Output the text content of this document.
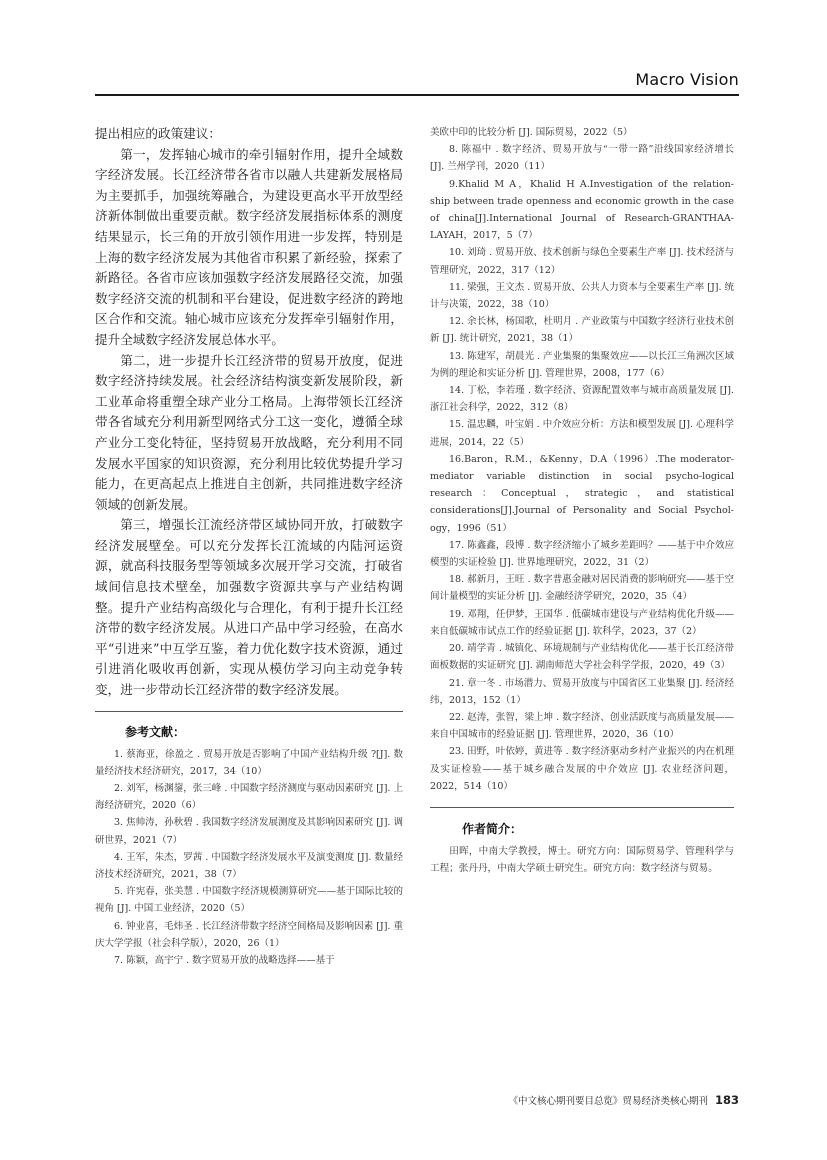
Macro Vision

提出相应的政策建议：

第一，发挥轴心城市的牵引辐射作用，提升全域数字经济发展。长江经济带各省市以融人共建新发展格局为主要抓手，加强统筹融合，为建设更高水平开放型经济新体制做出重要贡献。数字经济发展指标体系的测度结果显示，长三角的开放引领作用进一步发挥，特别是上海的数字经济发展为其他省市积累了新经验，探索了新路径。各省市应该加强数字经济发展路径交流，加强数字经济交流的机制和平台建设，促进数字经济的跨地区合作和交流。轴心城市应该充分发挥牵引辐射作用，提升全域数字经济发展总体水平。

第二，进一步提升长江经济带的贸易开放度，促进数字经济持续发展。社会经济结构演变新发展阶段，新工业革命将重塑全球产业分工格局。上海带领长江经济带各省域充分利用新型网络式分工这一变化，遵循全球产业分工变化特征，坚持贸易开放战略，充分利用不同发展水平国家的知识资源，充分利用比较优势提升学习能力，在更高起点上推进自主创新，共同推进数字经济领域的创新发展。

第三，增强长江流经济带区域协同开放，打破数字经济发展壁垒。可以充分发挥长江流域的内陆河运资源，就高科技服务型等领域多次展开学习交流，打破省域间信息技术壁垒，加强数字资源共享与产业结构调整。提升产业结构高级化与合理化，有利于提升长江经济带的数字经济发展。从进口产品中学习经验，在高水平“引进来”中互学互鉴，着力优化数字技术资源，通过引进消化吸收再创新，实现从模仿学习向主动竞争转变，进一步带动长江经济带的数字经济发展。

参考文献：

1. 蔡海亚，徐盈之 . 贸易开放是否影响了中国产业结构升级 ?[J]. 数量经济技术经济研究，2017，34（10）

2. 刘军，杨渊鋆，张三峰 . 中国数字经济测度与驱动因素研究 [J]. 上海经济研究，2020（6）

3. 焦帅涛，孙秋碧 . 我国数字经济发展测度及其影响因素研究 [J]. 调研世界，2021（7）

4. 王军，朱杰，罗茜 . 中国数字经济发展水平及演变测度 [J]. 数量经济技术经济研究，2021，38（7）

5. 许宪春，张美慧 . 中国数字经济规模测算研究——基于国际比较的视角 [J]. 中国工业经济，2020（5）

6. 钟业喜，毛炜圣 . 长江经济带数字经济空间格局及影响因素 [J]. 重庆大学学报（社会科学版），2020，26（1）

7. 陈颖，高宇宁 . 数字贸易开放的战略选择——基于

美欧中印的比较分析 [J]. 国际贸易，2022（5）

8. 陈福中 . 数字经济、贸易开放与“一带一路”沿线国家经济增长 [J]. 兰州学刊，2020（11）

9.Khalid M A，Khalid H A.Investigation of the relation-ship between trade openness and economic growth in the case of china[J].International Journal of Research-GRANTHAA-LAYAH，2017，5（7）

10. 刘琦 . 贸易开放、技术创新与绿色全要素生产率 [J]. 技术经济与管理研究，2022，317（12）

11. 梁强，王文杰 . 贸易开放、公共人力资本与全要素生产率 [J]. 统计与决策，2022，38（10）

12. 余长林，杨国歌，杜明月 . 产业政策与中国数字经济行业技术创新 [J]. 统计研究，2021，38（1）

13. 陈建军，胡晨光 . 产业集聚的集聚效应——以长江三角洲次区域为例的理论和实证分析 [J]. 管理世界，2008，177（6）

14. 丁松，李若瑾 . 数字经济、资源配置效率与城市高质量发展 [J]. 浙江社会科学，2022，312（8）

15. 温忠麟，叶宝娟 . 中介效应分析：方法和模型发展 [J]. 心理科学进展，2014，22（5）

16.Baron，R.M.，&Kenny，D.A（1996）.The moderator-mediator variable distinction in social psycho-logical research：Conceptual，strategic，and statistical considerations[J].Journal of Personality and Social Psychol-ogy，1996（51）

17. 陈鑫鑫，段博 . 数字经济缩小了城乡差距吗？——基于中介效应模型的实证检验 [J]. 世界地理研究，2022，31（2）

18. 郝新月，王旺 . 数字普惠金融对居民消费的影响研究——基于空间计量模型的实证分析 [J]. 金融经济学研究，2020，35（4）

19. 邓翔，任伊梦，王国华 . 低碳城市建设与产业结构优化升级——来自低碳城市试点工作的经验证据 [J]. 软科学，2023，37（2）

20. 靖学青 . 城镇化、环境规制与产业结构优化——基于长江经济带面板数据的实证研究 [J]. 湖南师范大学社会科学学报，2020，49（3）

21. 章一冬 . 市场潜力、贸易开放度与中国省区工业集聚 [J]. 经济经纬，2013，152（1）

22. 赵涛，张智，梁上坤 . 数字经济、创业活跃度与高质量发展——来自中国城市的经验证据 [J]. 管理世界，2020，36（10）

23. 田野，叶依婷，黄进等 . 数字经济驱动乡村产业振兴的内在机理及实证检验——基于城乡融合发展的中介效应 [J]. 农业经济问题，2022，514（10）

作者简介：

田晖，中南大学教授，博士。研究方向：国际贸易学、管理科学与工程；张丹丹，中南大学硕士研究生。研究方向：数字经济与贸易。

《中文核心期刊要目总览》贸易经济类核心期刊 183
